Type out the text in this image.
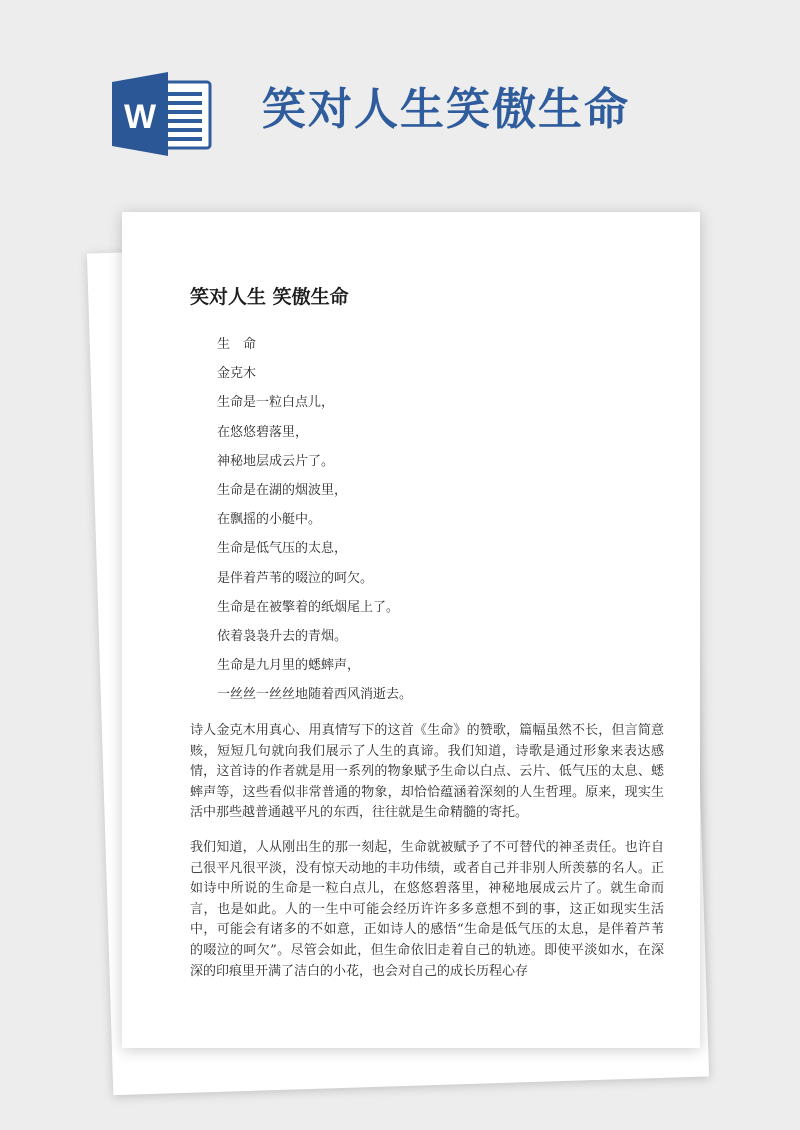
W 笑对人生笑傲生命
笑对人生 笑傲生命
生　命
金克木
生命是一粒白点儿，
在悠悠碧落里，
神秘地层成云片了。
生命是在湖的烟波里，
在飘摇的小艇中。
生命是低气压的太息，
是伴着芦苇的啜泣的呵欠。
生命是在被擎着的纸烟尾上了。
依着袅袅升去的青烟。
生命是九月里的蟋蟀声，
一丝丝一丝丝地随着西风消逝去。

诗人金克木用真心、用真情写下的这首《生命》的赞歌，篇幅虽然不长，但言简意赅，短短几句就向我们展示了人生的真谛。我们知道，诗歌是通过形象来表达感情，这首诗的作者就是用一系列的物象赋予生命以白点、云片、低气压的太息、蟋蟀声等，这些看似非常普通的物象，却恰恰蕴涵着深刻的人生哲理。原来，现实生活中那些越普通越平凡的东西，往往就是生命精髓的寄托。

我们知道，人从刚出生的那一刻起，生命就被赋予了不可替代的神圣责任。也许自己很平凡很平淡，没有惊天动地的丰功伟绩，或者自己并非别人所羡慕的名人。正如诗中所说的生命是一粒白点儿，在悠悠碧落里，神秘地展成云片了。就生命而言，也是如此。人的一生中可能会经历许许多多意想不到的事，这正如现实生活中，可能会有诸多的不如意，正如诗人的感悟“生命是低气压的太息，是伴着芦苇的啜泣的呵欠”。尽管会如此，但生命依旧走着自己的轨迹。即使平淡如水，在深深的印痕里开满了洁白的小花，也会对自己的成长历程心存
